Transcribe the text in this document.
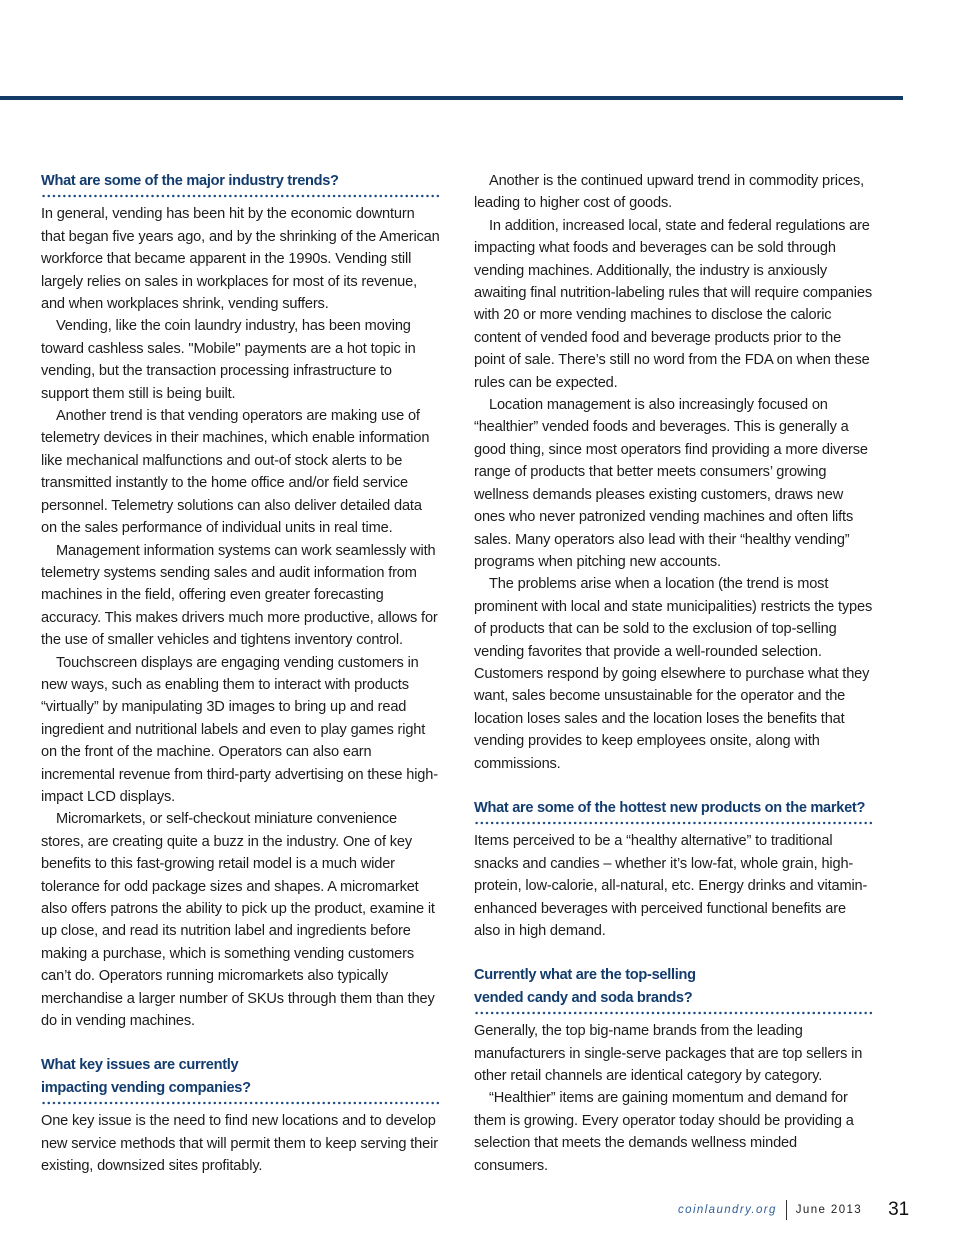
What are some of the major industry trends?

In general, vending has been hit by the economic downturn that began five years ago, and by the shrinking of the American workforce that became apparent in the 1990s. Vending still largely relies on sales in workplaces for most of its revenue, and when workplaces shrink, vending suffers.

Vending, like the coin laundry industry, has been moving toward cashless sales. "Mobile" payments are a hot topic in vending, but the transaction processing infrastructure to support them still is being built.

Another trend is that vending operators are making use of telemetry devices in their machines, which enable information like mechanical malfunctions and out-of stock alerts to be transmitted instantly to the home office and/or field service personnel. Telemetry solutions can also deliver detailed data on the sales performance of individual units in real time.

Management information systems can work seamlessly with telemetry systems sending sales and audit information from machines in the field, offering even greater forecasting accuracy. This makes drivers much more productive, allows for the use of smaller vehicles and tightens inventory control.

Touchscreen displays are engaging vending customers in new ways, such as enabling them to interact with products “virtually” by manipulating 3D images to bring up and read ingredient and nutritional labels and even to play games right on the front of the machine. Operators can also earn incremental revenue from third-party advertising on these high-impact LCD displays.

Micromarkets, or self-checkout miniature convenience stores, are creating quite a buzz in the industry. One of key benefits to this fast-growing retail model is a much wider tolerance for odd package sizes and shapes. A micromarket also offers patrons the ability to pick up the product, examine it up close, and read its nutrition label and ingredients before making a purchase, which is something vending customers can’t do. Operators running micromarkets also typically merchandise a larger number of SKUs through them than they do in vending machines.

What key issues are currently
impacting vending companies?

One key issue is the need to find new locations and to develop new service methods that will permit them to keep serving their existing, downsized sites profitably.

Another is the continued upward trend in commodity prices, leading to higher cost of goods.

In addition, increased local, state and federal regulations are impacting what foods and beverages can be sold through vending machines. Additionally, the industry is anxiously awaiting final nutrition-labeling rules that will require companies with 20 or more vending machines to disclose the caloric content of vended food and beverage products prior to the point of sale. There’s still no word from the FDA on when these rules can be expected.

Location management is also increasingly focused on “healthier” vended foods and beverages. This is generally a good thing, since most operators find providing a more diverse range of products that better meets consumers’ growing wellness demands pleases existing customers, draws new ones who never patronized vending machines and often lifts sales. Many operators also lead with their “healthy vending” programs when pitching new accounts.

The problems arise when a location (the trend is most prominent with local and state municipalities) restricts the types of products that can be sold to the exclusion of top-selling vending favorites that provide a well-rounded selection. Customers respond by going elsewhere to purchase what they want, sales become unsustainable for the operator and the location loses sales and the location loses the benefits that vending provides to keep employees onsite, along with commissions.

What are some of the hottest new products on the market?

Items perceived to be a “healthy alternative” to traditional snacks and candies – whether it’s low-fat, whole grain, high-protein, low-calorie, all-natural, etc. Energy drinks and vitamin-enhanced beverages with perceived functional benefits are also in high demand.

Currently what are the top-selling
vended candy and soda brands?

Generally, the top big-name brands from the leading manufacturers in single-serve packages that are top sellers in other retail channels are identical category by category.

“Healthier” items are gaining momentum and demand for them is growing. Every operator today should be providing a selection that meets the demands wellness minded consumers.

coinlaundry.org June 2013 31
